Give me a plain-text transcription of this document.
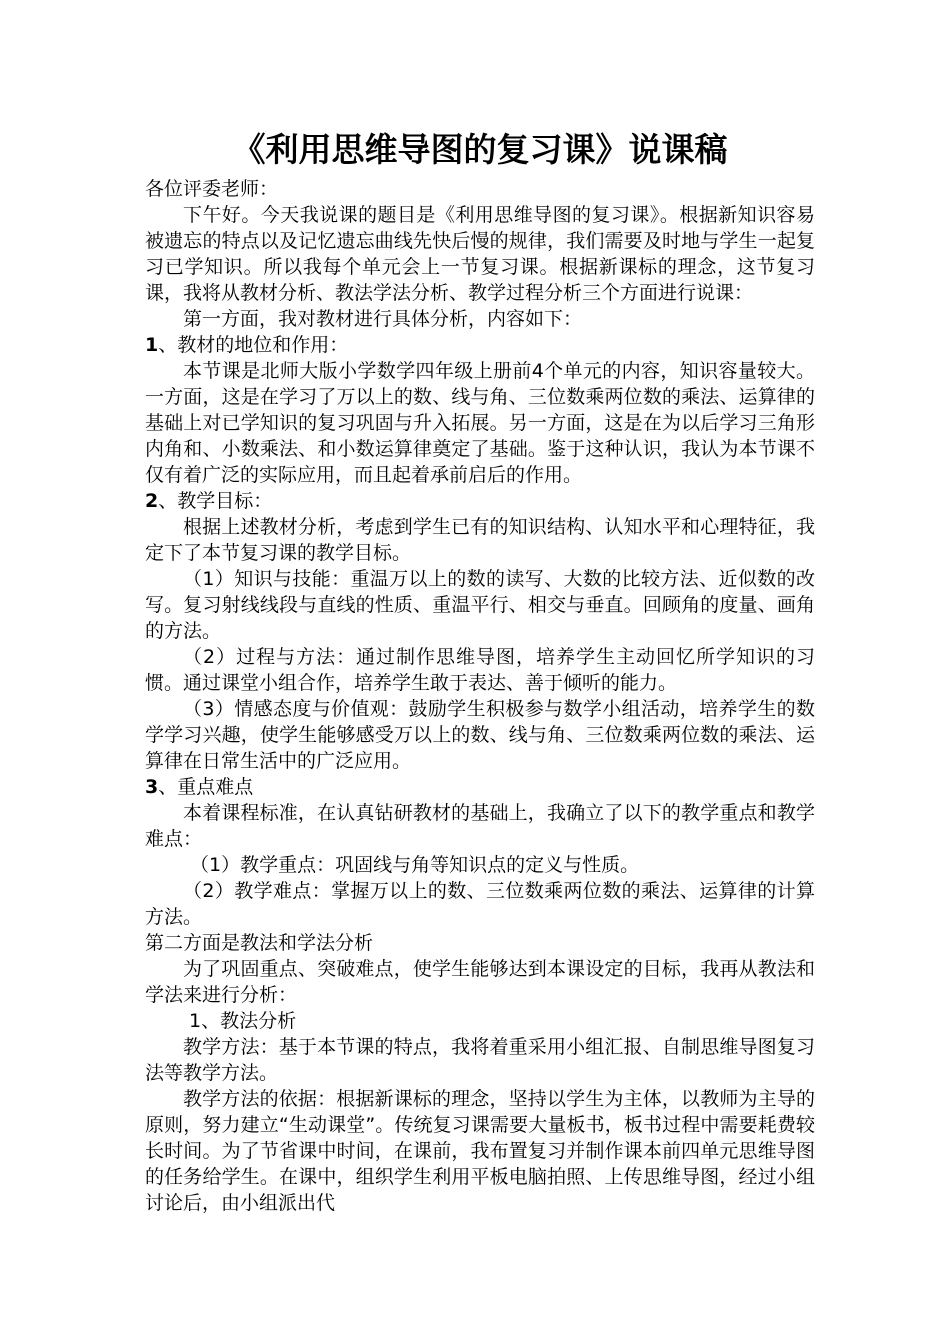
《利用思维导图的复习课》说课稿

各位评委老师：

下午好。今天我说课的题目是《利用思维导图的复习课》。根据新知识容易被遗忘的特点以及记忆遗忘曲线先快后慢的规律，我们需要及时地与学生一起复习已学知识。所以我每个单元会上一节复习课。根据新课标的理念，这节复习课，我将从教材分析、教法学法分析、教学过程分析三个方面进行说课：

第一方面，我对教材进行具体分析，内容如下：

1、教材的地位和作用：

本节课是北师大版小学数学四年级上册前4个单元的内容，知识容量较大。一方面，这是在学习了万以上的数、线与角、三位数乘两位数的乘法、运算律的基础上对已学知识的复习巩固与升入拓展。另一方面，这是在为以后学习三角形内角和、小数乘法、和小数运算律奠定了基础。鉴于这种认识，我认为本节课不仅有着广泛的实际应用，而且起着承前启后的作用。

2、教学目标：

根据上述教材分析，考虑到学生已有的知识结构、认知水平和心理特征，我定下了本节复习课的教学目标。

（1）知识与技能：重温万以上的数的读写、大数的比较方法、近似数的改写。复习射线线段与直线的性质、重温平行、相交与垂直。回顾角的度量、画角的方法。

（2）过程与方法：通过制作思维导图，培养学生主动回忆所学知识的习惯。通过课堂小组合作，培养学生敢于表达、善于倾听的能力。

（3）情感态度与价值观：鼓励学生积极参与数学小组活动，培养学生的数学学习兴趣，使学生能够感受万以上的数、线与角、三位数乘两位数的乘法、运算律在日常生活中的广泛应用。

3、重点难点

本着课程标准，在认真钻研教材的基础上，我确立了以下的教学重点和教学难点：

（1）教学重点：巩固线与角等知识点的定义与性质。

（2）教学难点：掌握万以上的数、三位数乘两位数的乘法、运算律的计算方法。

第二方面是教法和学法分析

为了巩固重点、突破难点，使学生能够达到本课设定的目标，我再从教法和学法来进行分析：

1、教法分析

教学方法：基于本节课的特点，我将着重采用小组汇报、自制思维导图复习法等教学方法。

教学方法的依据：根据新课标的理念，坚持以学生为主体，以教师为主导的原则，努力建立“生动课堂”。传统复习课需要大量板书，板书过程中需要耗费较长时间。为了节省课中时间，在课前，我布置复习并制作课本前四单元思维导图的任务给学生。在课中，组织学生利用平板电脑拍照、上传思维导图，经过小组讨论后，由小组派出代
